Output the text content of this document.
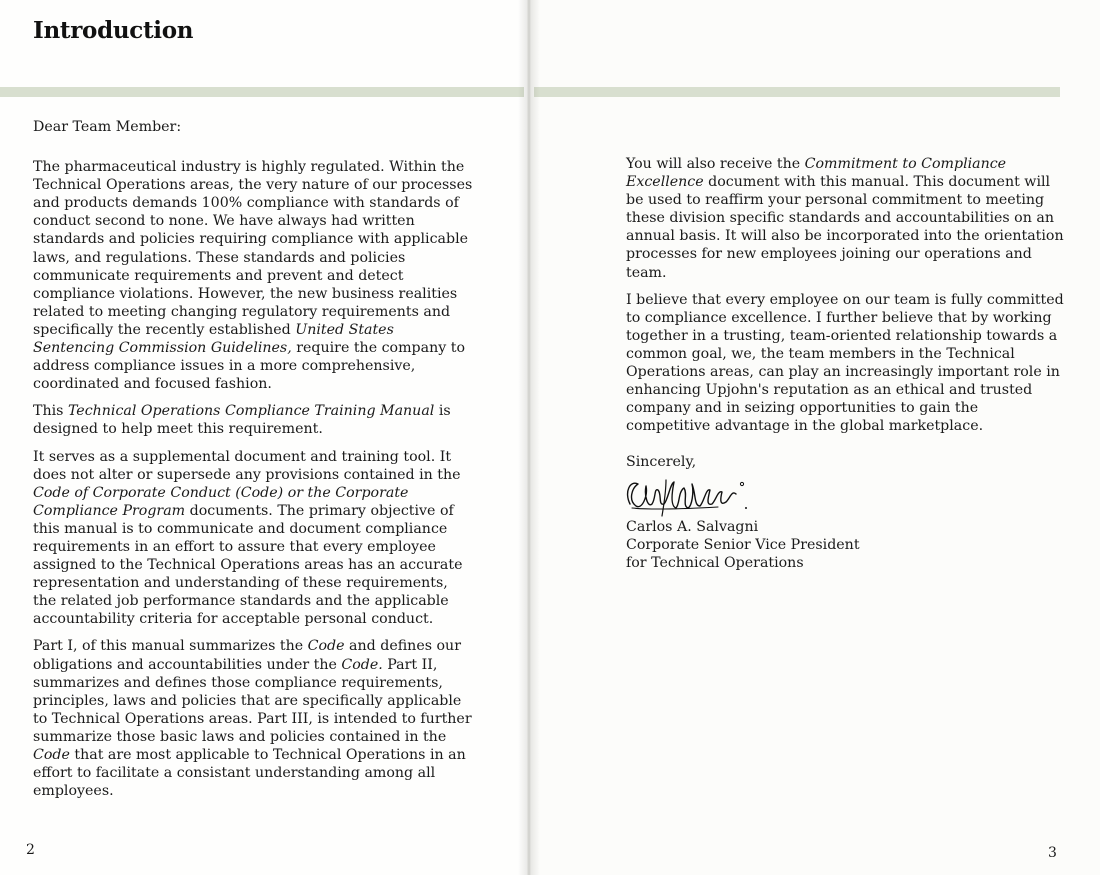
Introduction

Dear Team Member:

The pharmaceutical industry is highly regulated. Within the Technical Operations areas, the very nature of our processes and products demands 100% compliance with standards of conduct second to none. We have always had written standards and policies requiring compliance with applicable laws, and regulations. These standards and policies communicate requirements and prevent and detect compliance violations. However, the new business realities related to meeting changing regulatory requirements and specifically the recently established United States Sentencing Commission Guidelines, require the company to address compliance issues in a more comprehensive, coordinated and focused fashion.

This Technical Operations Compliance Training Manual is designed to help meet this requirement.

It serves as a supplemental document and training tool. It does not alter or supersede any provisions contained in the Code of Corporate Conduct (Code) or the Corporate Compliance Program documents. The primary objective of this manual is to communicate and document compliance requirements in an effort to assure that every employee assigned to the Technical Operations areas has an accurate representation and understanding of these requirements, the related job performance standards and the applicable accountability criteria for acceptable personal conduct.

Part I, of this manual summarizes the Code and defines our obligations and accountabilities under the Code. Part II, summarizes and defines those compliance requirements, principles, laws and policies that are specifically applicable to Technical Operations areas. Part III, is intended to further summarize those basic laws and policies contained in the Code that are most applicable to Technical Operations in an effort to facilitate a consistant understanding among all employees.

2

You will also receive the Commitment to Compliance Excellence document with this manual. This document will be used to reaffirm your personal commitment to meeting these division specific standards and accountabilities on an annual basis. It will also be incorporated into the orientation processes for new employees joining our operations and team.

I believe that every employee on our team is fully committed to compliance excellence. I further believe that by working together in a trusting, team-oriented relationship towards a common goal, we, the team members in the Technical Operations areas, can play an increasingly important role in enhancing Upjohn's reputation as an ethical and trusted company and in seizing opportunities to gain the competitive advantage in the global marketplace.

Sincerely,

Carlos A. Salvagni
Corporate Senior Vice President
for Technical Operations
3
